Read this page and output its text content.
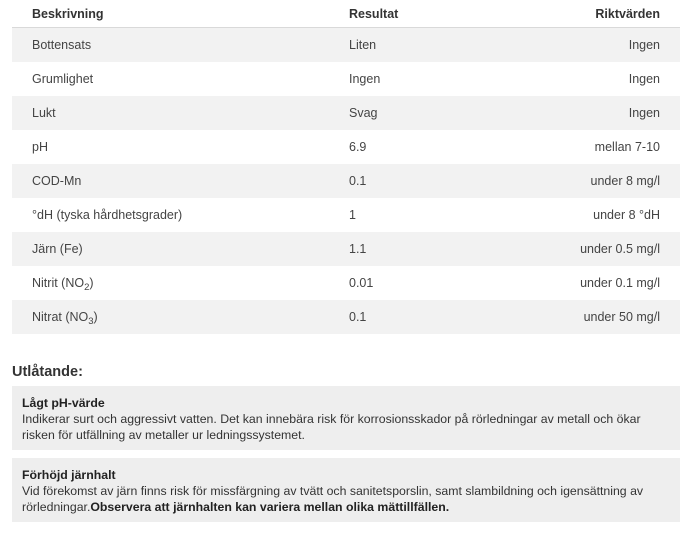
Beskrivning	Resultat	Riktvärden
Bottensats	Liten	Ingen
Grumlighet	Ingen	Ingen
Lukt	Svag	Ingen
pH	6.9	mellan 7-10
COD-Mn	0.1	under 8 mg/l
°dH (tyska hårdhetsgrader)	1	under 8 °dH
Järn (Fe)	1.1	under 0.5 mg/l
Nitrit $(NO_2)$	0.01	under 0.1 mg/l
Nitrat $(NO_3)$	0.1	under 50 mg/l
Utlåtande:
Lågt pH-värde
Indikerar surt och aggressivt vatten. Det kan innebära risk för korrosionsskador på rörledningar av metall och ökar risken för utfällning av metaller ur ledningssystemet.
Förhöjd järnhalt
Vid förekomst av järn finns risk för missfärgning av tvätt och sanitetsporslin, samt slambildning och igensättning av rörledningar.Observera att järnhalten kan variera mellan olika mättillfällen.
